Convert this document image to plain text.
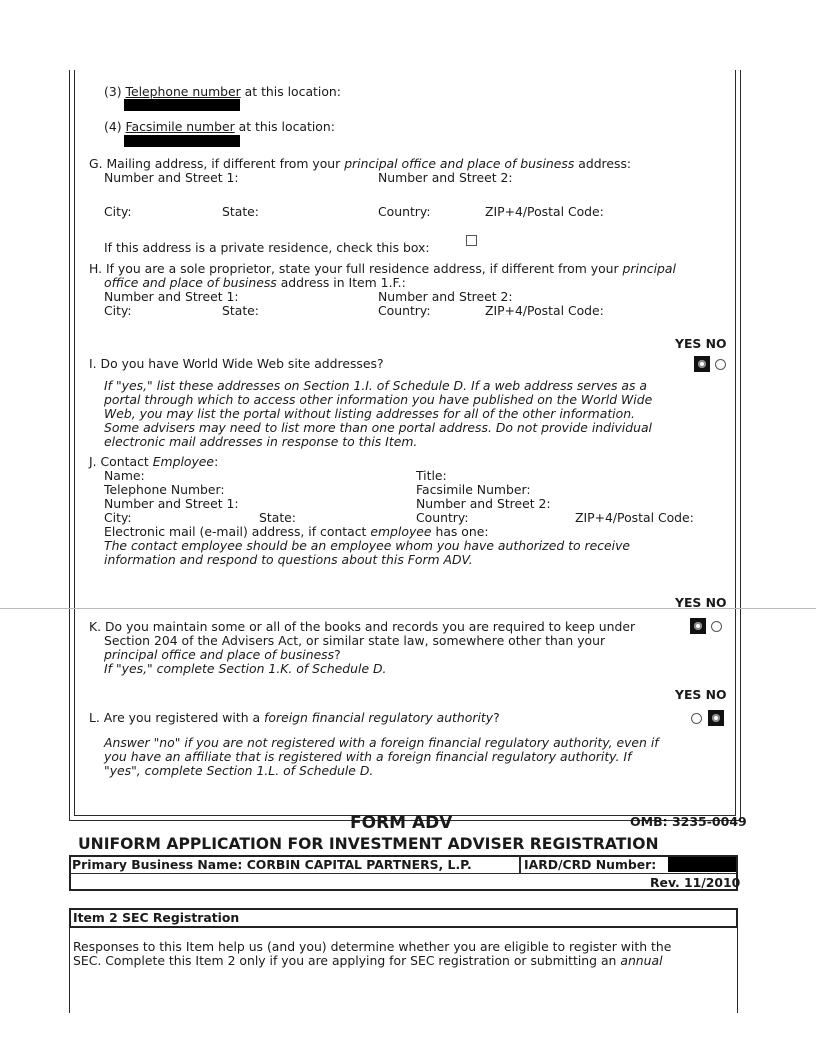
(3) Telephone number at this location:
(4) Facsimile number at this location:
G. Mailing address, if different from your principal office and place of business address:
Number and Street 1:	Number and Street 2:
City:	State:	Country:	ZIP+4/Postal Code:
If this address is a private residence, check this box:
H. If you are a sole proprietor, state your full residence address, if different from your principal
office and place of business address in Item 1.F.:
Number and Street 1:	Number and Street 2:
City:	State:	Country:	ZIP+4/Postal Code:
YES NO
I. Do you have World Wide Web site addresses?
If "yes," list these addresses on Section 1.I. of Schedule D. If a web address serves as a
portal through which to access other information you have published on the World Wide
Web, you may list the portal without listing addresses for all of the other information.
Some advisers may need to list more than one portal address. Do not provide individual
electronic mail addresses in response to this Item.
J. Contact Employee:
Name:	Title:
Telephone Number:	Facsimile Number:
Number and Street 1:	Number and Street 2:
City:	State:	Country:	ZIP+4/Postal Code:
Electronic mail (e-mail) address, if contact employee has one:
The contact employee should be an employee whom you have authorized to receive
information and respond to questions about this Form ADV.
YES NO
K. Do you maintain some or all of the books and records you are required to keep under
Section 204 of the Advisers Act, or similar state law, somewhere other than your
principal office and place of business?
If "yes," complete Section 1.K. of Schedule D.
YES NO
L. Are you registered with a foreign financial regulatory authority?
Answer "no" if you are not registered with a foreign financial regulatory authority, even if
you have an affiliate that is registered with a foreign financial regulatory authority. If
"yes", complete Section 1.L. of Schedule D.
FORM ADV	OMB: 3235-0049
UNIFORM APPLICATION FOR INVESTMENT ADVISER REGISTRATION
Primary Business Name: CORBIN CAPITAL PARTNERS, L.P.	IARD/CRD Number:
Rev. 11/2010
Item 2 SEC Registration
Responses to this Item help us (and you) determine whether you are eligible to register with the
SEC. Complete this Item 2 only if you are applying for SEC registration or submitting an annual
